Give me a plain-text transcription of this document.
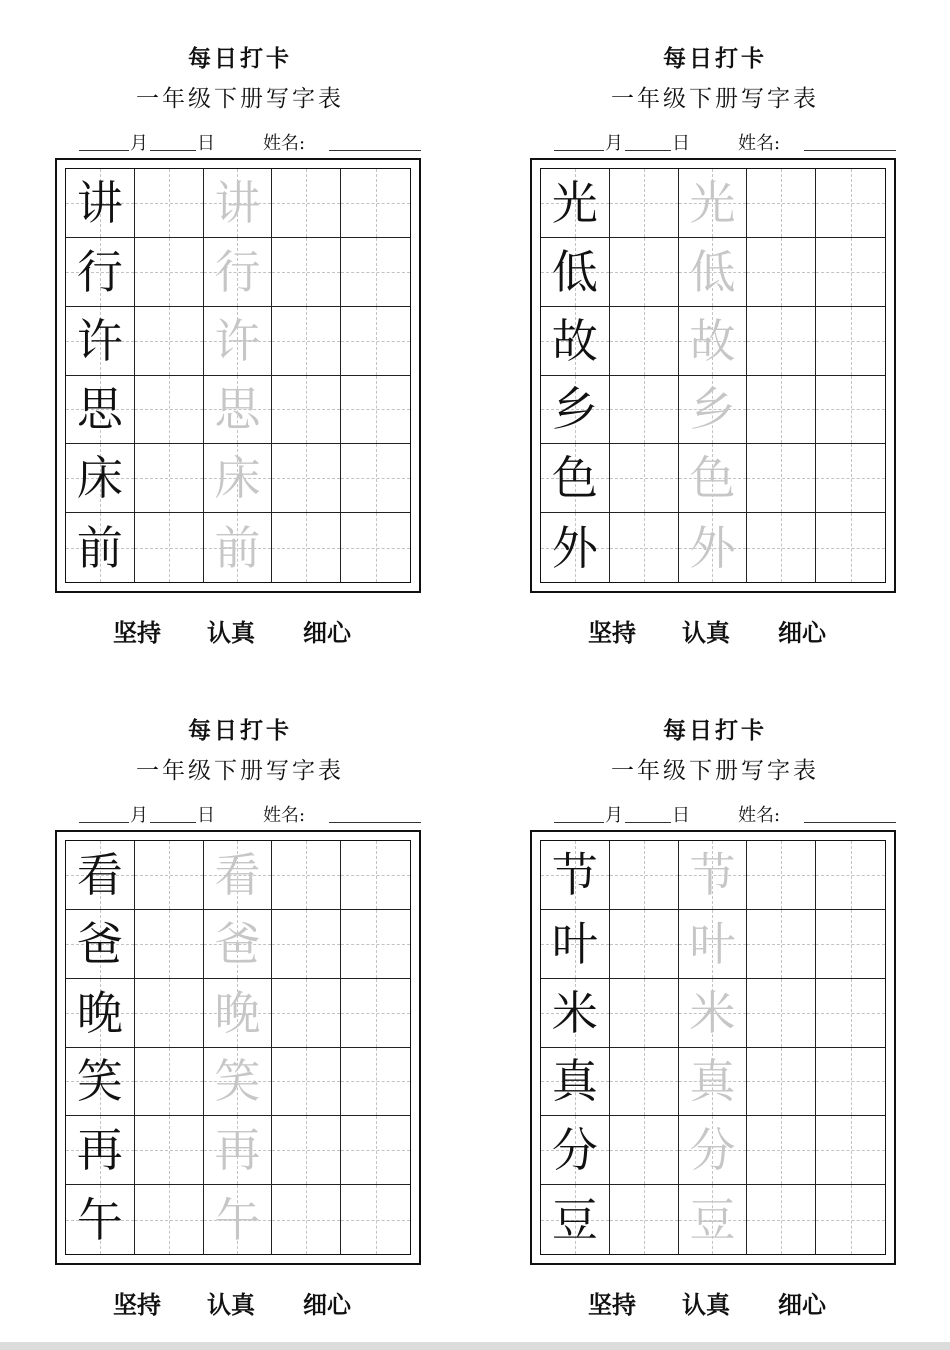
每日打卡
一年级下册写字表
月	日	姓名:
讲 讲
行 行
许 许
思 思
床 床
前 前
坚持 认真 细心
每日打卡
一年级下册写字表
月	日	姓名:
光 光
低 低
故 故
乡 乡
色 色
外 外
坚持 认真 细心
每日打卡
一年级下册写字表
月	日	姓名:
看 看
爸 爸
晚 晚
笑 笑
再 再
午 午
坚持 认真 细心
每日打卡
一年级下册写字表
月	日	姓名:
节 节
叶 叶
米 米
真 真
分 分
豆 豆
坚持 认真 细心
